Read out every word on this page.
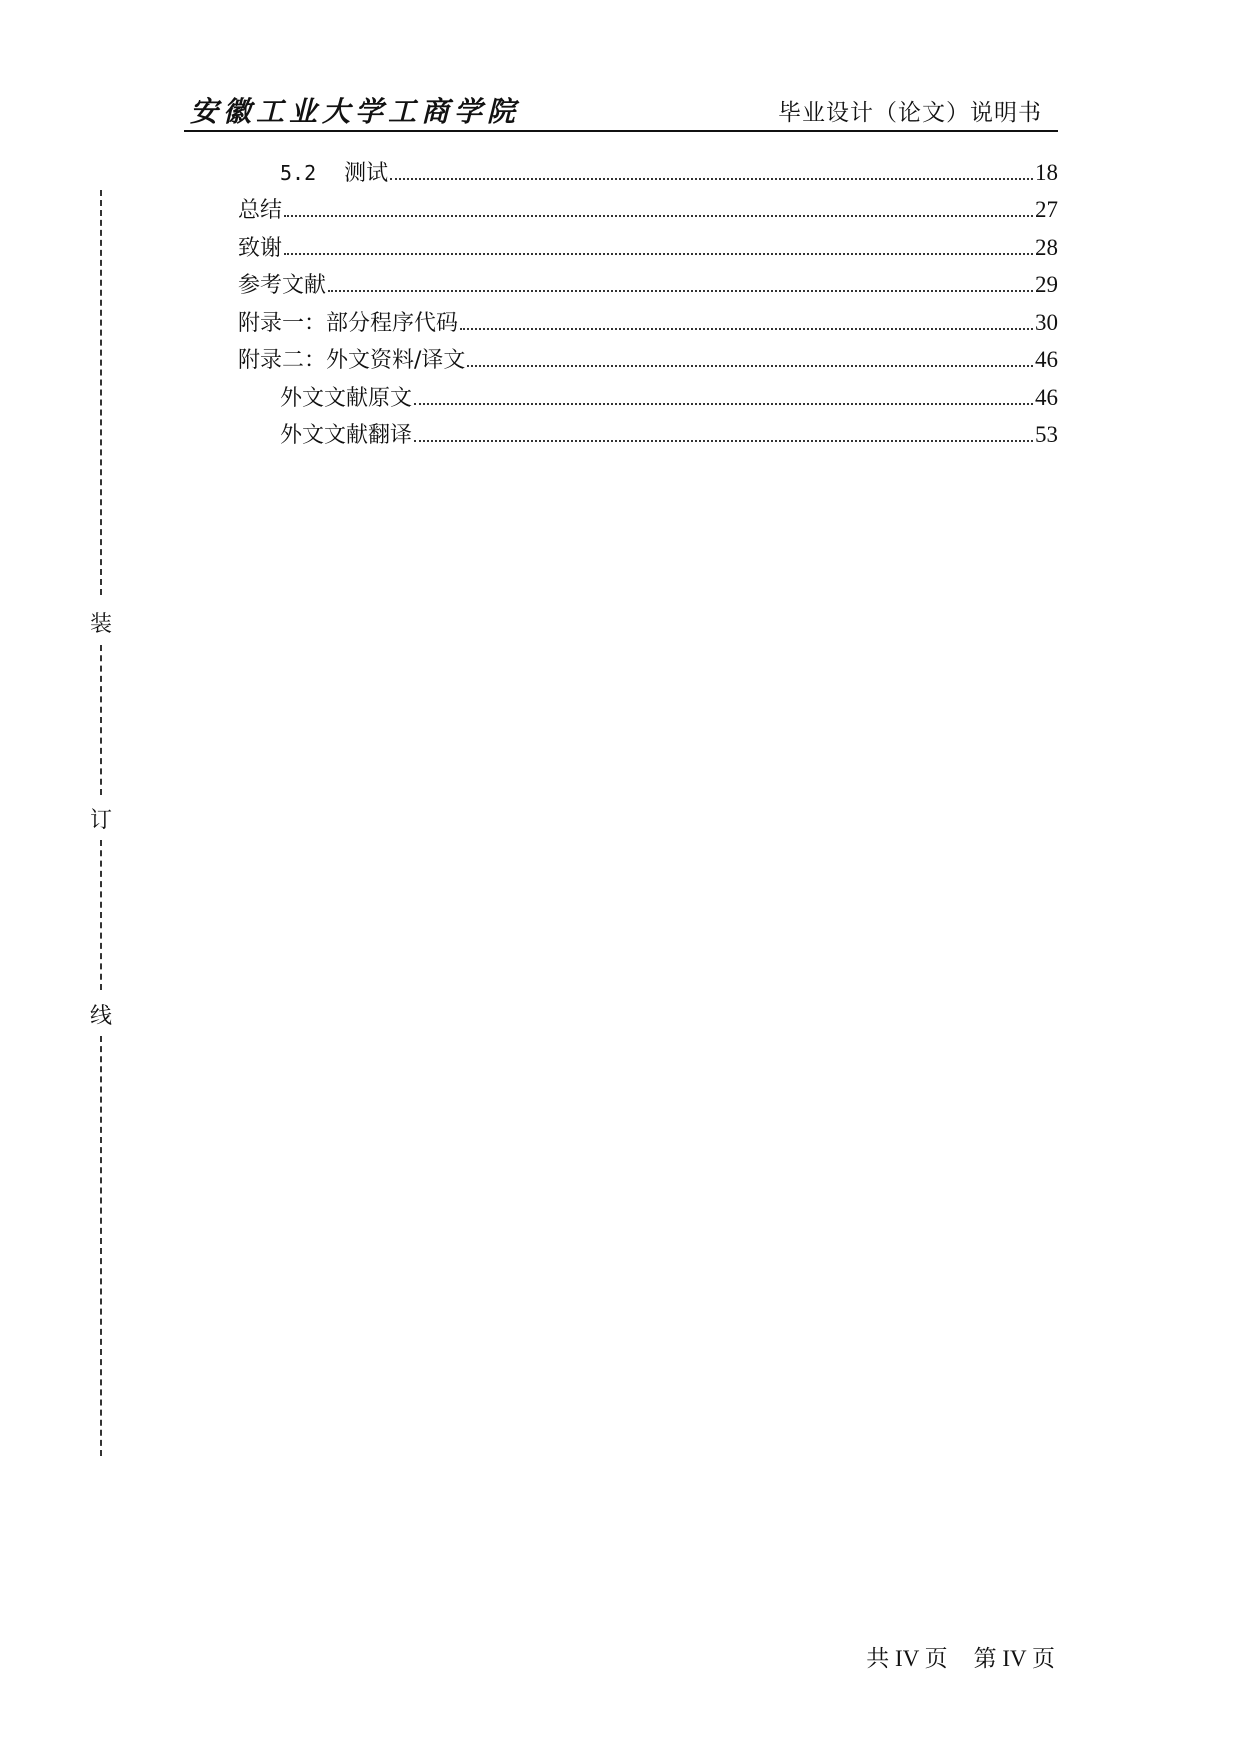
安徽工业大学工商学院	毕业设计（论文）说明书
装
订
线
5.2 测试	18
总结	27
致谢	28
参考文献	29
附录一：部分程序代码	30
附录二：外文资料/译文	46
外文文献原文	46
外文文献翻译	53
共 IV 页 第 IV 页
